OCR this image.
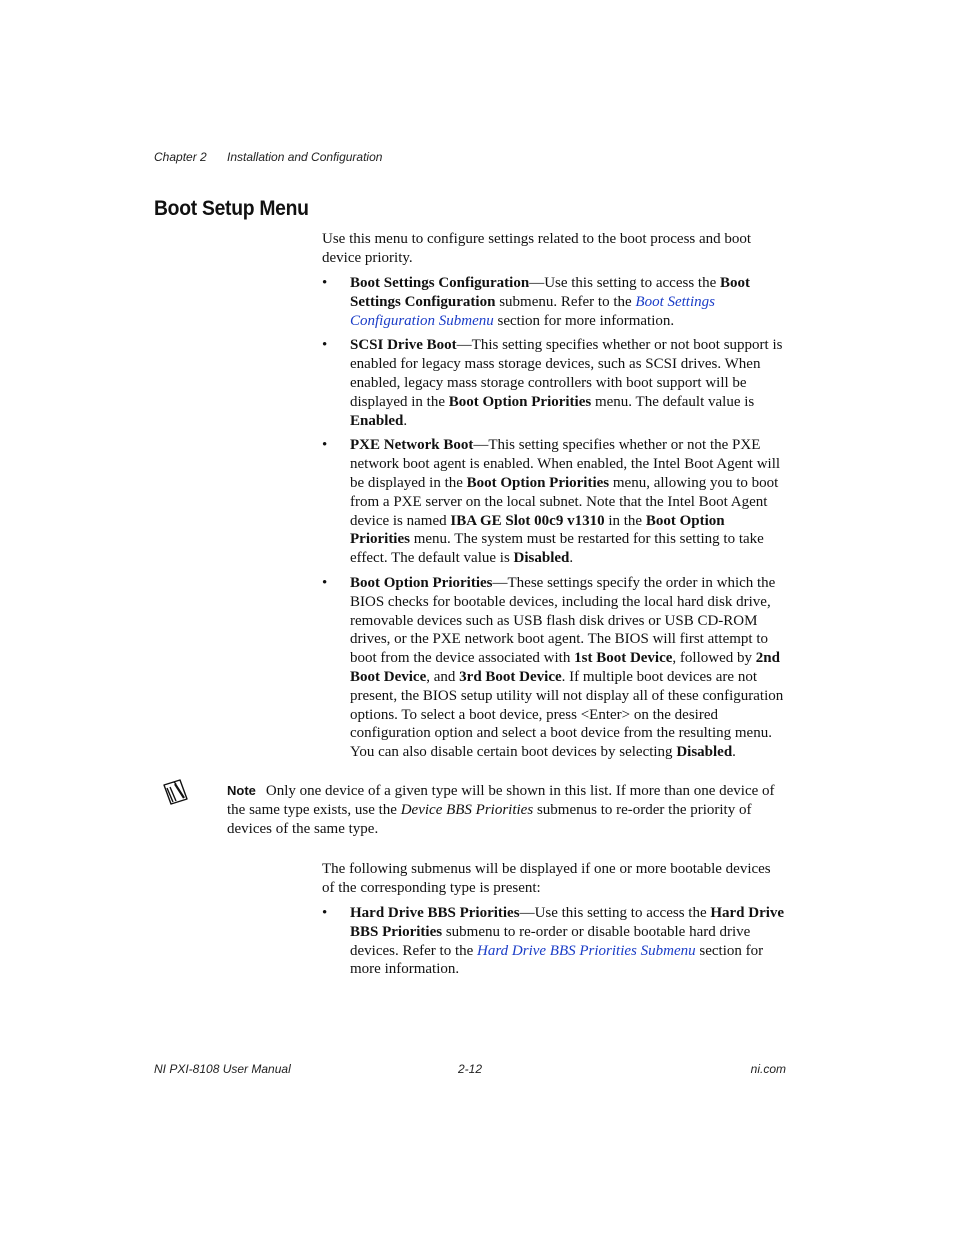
Chapter 2 Installation and Configuration
Boot Setup Menu

Use this menu to configure settings related to the boot process and boot device priority.

• Boot Settings Configuration—Use this setting to access the Boot Settings Configuration submenu. Refer to the Boot Settings Configuration Submenu section for more information.
• SCSI Drive Boot—This setting specifies whether or not boot support is enabled for legacy mass storage devices, such as SCSI drives. When enabled, legacy mass storage controllers with boot support will be displayed in the Boot Option Priorities menu. The default value is Enabled.
• PXE Network Boot—This setting specifies whether or not the PXE network boot agent is enabled. When enabled, the Intel Boot Agent will be displayed in the Boot Option Priorities menu, allowing you to boot from a PXE server on the local subnet. Note that the Intel Boot Agent device is named IBA GE Slot 00c9 v1310 in the Boot Option Priorities menu. The system must be restarted for this setting to take effect. The default value is Disabled.
• Boot Option Priorities—These settings specify the order in which the BIOS checks for bootable devices, including the local hard disk drive, removable devices such as USB flash disk drives or USB CD-ROM drives, or the PXE network boot agent. The BIOS will first attempt to boot from the device associated with 1st Boot Device, followed by 2nd Boot Device, and 3rd Boot Device. If multiple boot devices are not present, the BIOS setup utility will not display all of these configuration options. To select a boot device, press <Enter> on the desired configuration option and select a boot device from the resulting menu. You can also disable certain boot devices by selecting Disabled.
Note Only one device of a given type will be shown in this list. If more than one device of the same type exists, use the Device BBS Priorities submenus to re-order the priority of devices of the same type.

The following submenus will be displayed if one or more bootable devices of the corresponding type is present:

• Hard Drive BBS Priorities—Use this setting to access the Hard Drive BBS Priorities submenu to re-order or disable bootable hard drive devices. Refer to the Hard Drive BBS Priorities Submenu section for more information.
NI PXI-8108 User Manual	2-12	ni.com
